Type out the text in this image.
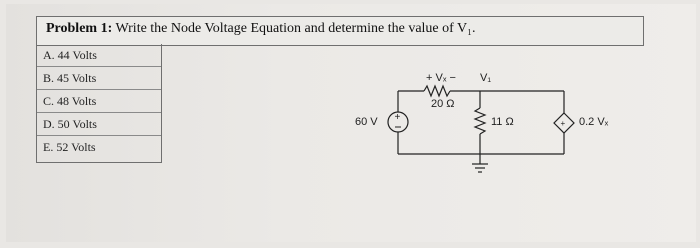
Problem 1: Write the Node Voltage Equation and determine the value of V₁.
A. 44 Volts
B. 45 Volts
C. 48 Volts
D. 50 Volts
E. 52 Volts
+
+
60 V
20 Ω
+ Vₓ − V₁
11 Ω	0.2 Vₓ
